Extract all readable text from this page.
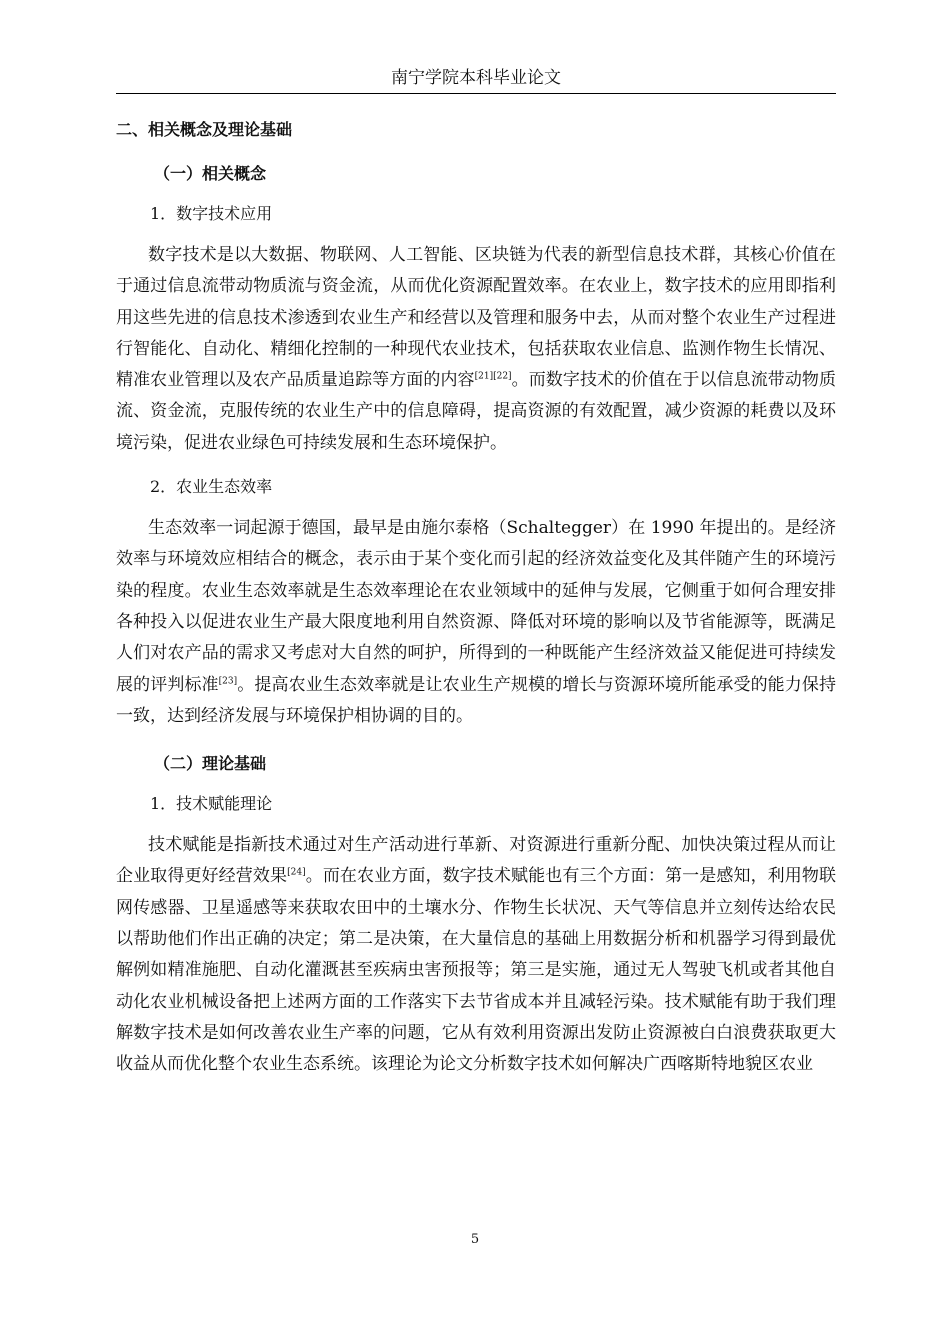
南宁学院本科毕业论文
二、相关概念及理论基础
（一）相关概念
1．数字技术应用

数字技术是以大数据、物联网、人工智能、区块链为代表的新型信息技术群，其核心价值在于通过信息流带动物质流与资金流，从而优化资源配置效率。在农业上，数字技术的应用即指利用这些先进的信息技术渗透到农业生产和经营以及管理和服务中去，从而对整个农业生产过程进行智能化、自动化、精细化控制的一种现代农业技术，包括获取农业信息、监测作物生长情况、精准农业管理以及农产品质量追踪等方面的内容[21][22]。而数字技术的价值在于以信息流带动物质流、资金流，克服传统的农业生产中的信息障碍，提高资源的有效配置，减少资源的耗费以及环境污染，促进农业绿色可持续发展和生态环境保护。

2．农业生态效率

生态效率一词起源于德国，最早是由施尔泰格（Schaltegger）在 1990 年提出的。是经济效率与环境效应相结合的概念，表示由于某个变化而引起的经济效益变化及其伴随产生的环境污染的程度。农业生态效率就是生态效率理论在农业领域中的延伸与发展，它侧重于如何合理安排各种投入以促进农业生产最大限度地利用自然资源、降低对环境的影响以及节省能源等，既满足人们对农产品的需求又考虑对大自然的呵护，所得到的一种既能产生经济效益又能促进可持续发展的评判标准[23]。提高农业生态效率就是让农业生产规模的增长与资源环境所能承受的能力保持一致，达到经济发展与环境保护相协调的目的。

（二）理论基础
1．技术赋能理论

技术赋能是指新技术通过对生产活动进行革新、对资源进行重新分配、加快决策过程从而让企业取得更好经营效果[24]。而在农业方面，数字技术赋能也有三个方面：第一是感知，利用物联网传感器、卫星遥感等来获取农田中的土壤水分、作物生长状况、天气等信息并立刻传达给农民以帮助他们作出正确的决定；第二是决策，在大量信息的基础上用数据分析和机器学习得到最优解例如精准施肥、自动化灌溉甚至疾病虫害预报等；第三是实施，通过无人驾驶飞机或者其他自动化农业机械设备把上述两方面的工作落实下去节省成本并且减轻污染。技术赋能有助于我们理解数字技术是如何改善农业生产率的问题，它从有效利用资源出发防止资源被白白浪费获取更大收益从而优化整个农业生态系统。该理论为论文分析数字技术如何解决广西喀斯特地貌区农业

5
